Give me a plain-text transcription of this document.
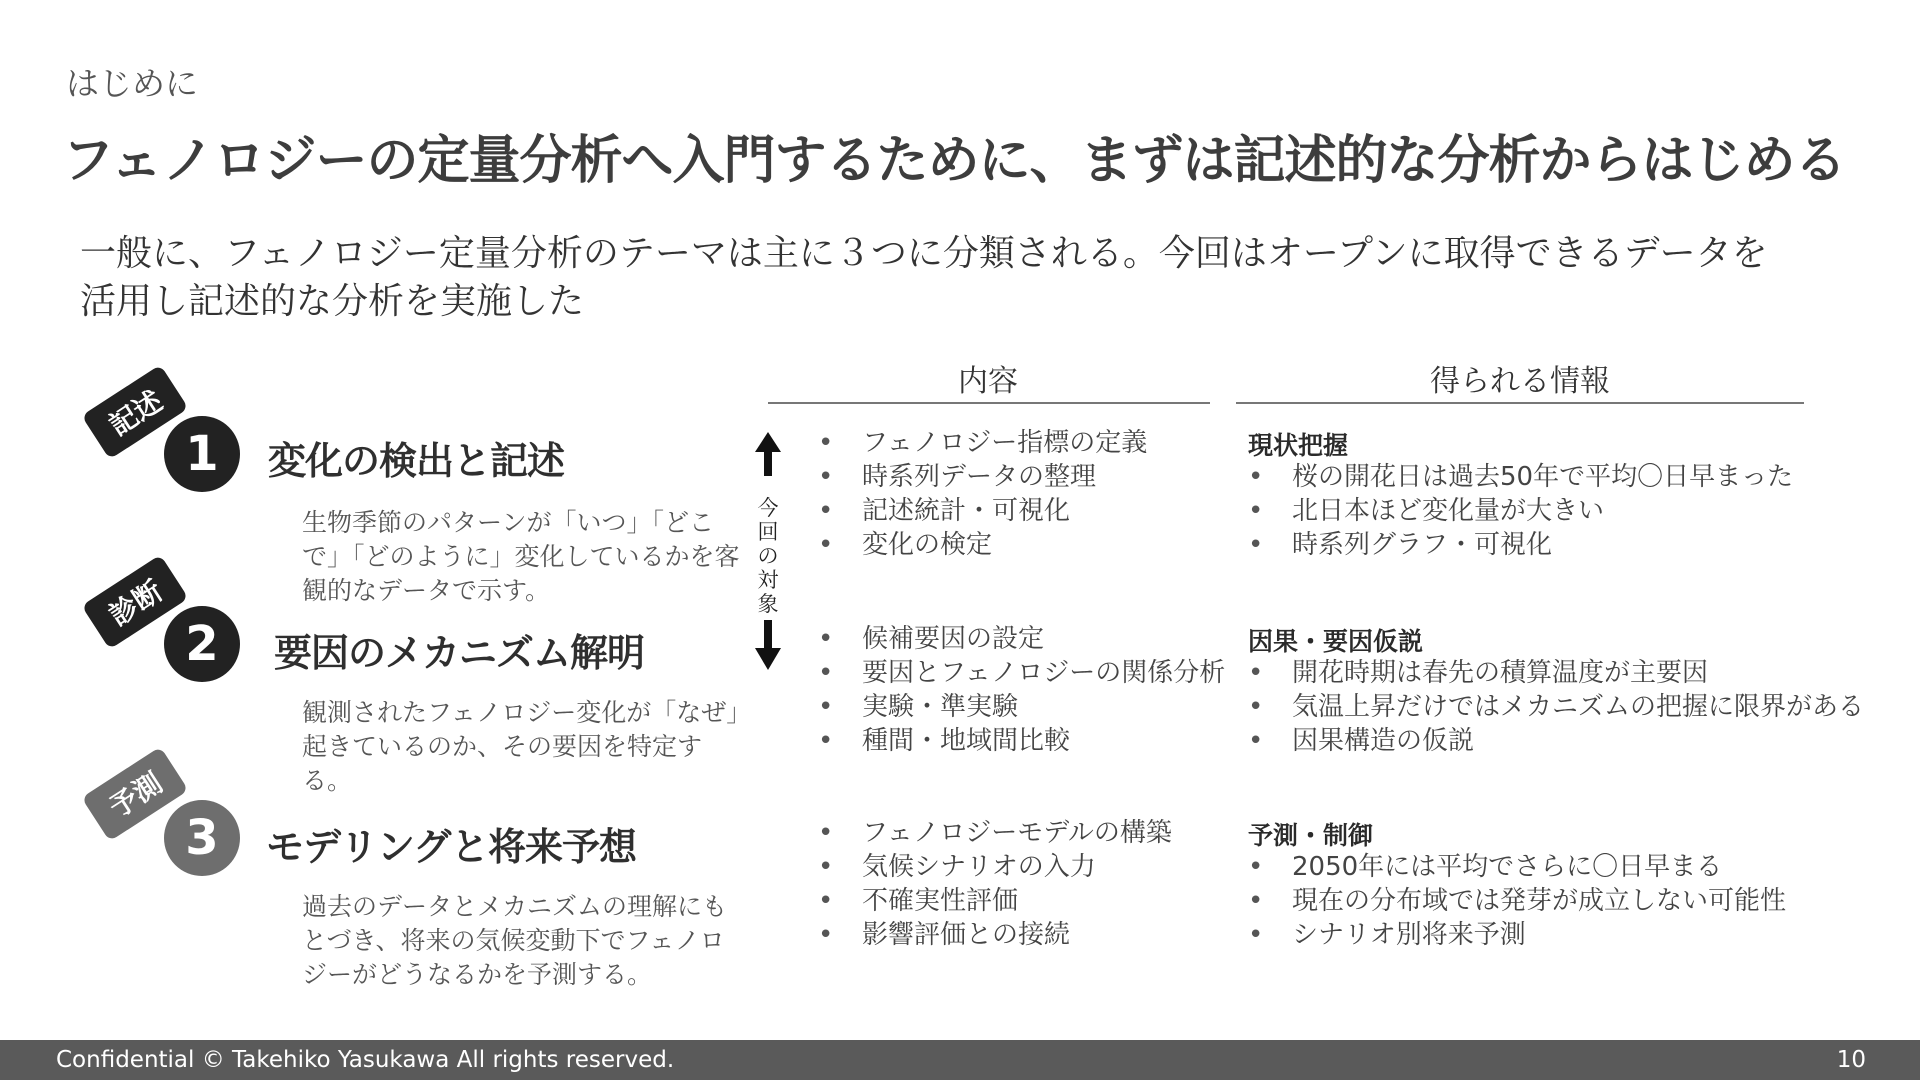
はじめに
フェノロジーの定量分析へ入門するために、まずは記述的な分析からはじめる
一般に、フェノロジー定量分析のテーマは主に３つに分類される。今回はオープンに取得できるデータを活用し記述的な分析を実施した
内容	得られる情報
今
回
の
対
象
記述
1	変化の検出と記述
生物季節のパターンが「いつ」「どこで」「どのように」変化しているかを客観的なデータで示す。
• フェノロジー指標の定義
• 時系列データの整理
• 記述統計・可視化
• 変化の検定
現状把握
• 桜の開花日は過去50年で平均〇日早まった
• 北日本ほど変化量が大きい
• 時系列グラフ・可視化
診断
2	要因のメカニズム解明
観測されたフェノロジー変化が「なぜ」起きているのか、その要因を特定する。
• 候補要因の設定
• 要因とフェノロジーの関係分析
• 実験・準実験
• 種間・地域間比較
因果・要因仮説
• 開花時期は春先の積算温度が主要因
• 気温上昇だけではメカニズムの把握に限界がある
• 因果構造の仮説
予測
3	モデリングと将来予想
過去のデータとメカニズムの理解にもとづき、将来の気候変動下でフェノロジーがどうなるかを予測する。
• フェノロジーモデルの構築
• 気候シナリオの入力
• 不確実性評価
• 影響評価との接続
予測・制御
• 2050年には平均でさらに〇日早まる
• 現在の分布域では発芽が成立しない可能性
• シナリオ別将来予測
Confidential © Takehiko Yasukawa All rights reserved.	10
